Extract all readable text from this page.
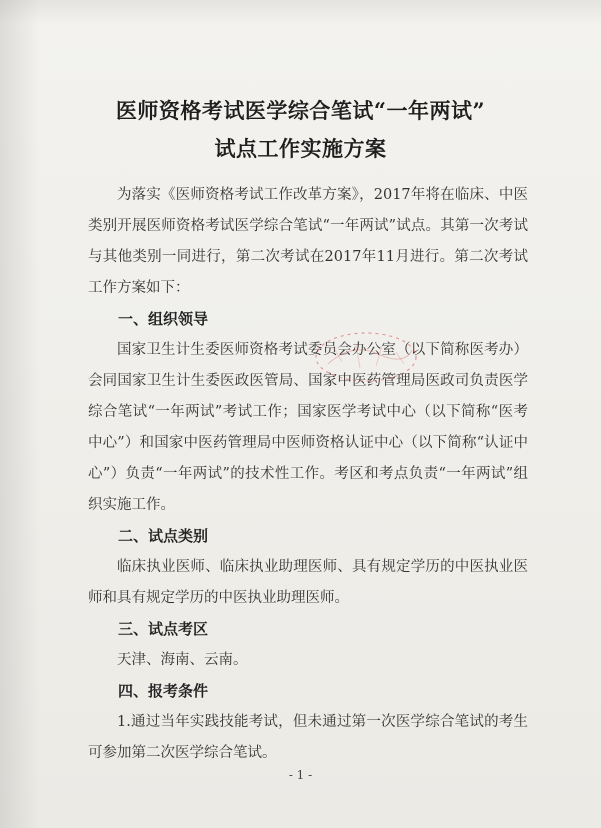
医师资格考试医学综合笔试“一年两试”
试点工作实施方案

为落实《医师资格考试工作改革方案》，2017年将在临床、中医类别开展医师资格考试医学综合笔试“一年两试”试点。其第一次考试与其他类别一同进行，第二次考试在2017年11月进行。第二次考试工作方案如下：

一、组织领导

国家卫生计生委医师资格考试委员会办公室（以下简称医考办）会同国家卫生计生委医政医管局、国家中医药管理局医政司负责医学综合笔试“一年两试”考试工作；国家医学考试中心（以下简称“医考中心”）和国家中医药管理局中医师资格认证中心（以下简称“认证中心”）负责“一年两试”的技术性工作。考区和考点负责“一年两试”组织实施工作。

二、试点类别

临床执业医师、临床执业助理医师、具有规定学历的中医执业医师和具有规定学历的中医执业助理医师。

三、试点考区

天津、海南、云南。

四、报考条件

1.通过当年实践技能考试，但未通过第一次医学综合笔试的考生可参加第二次医学综合笔试。

- 1 -
